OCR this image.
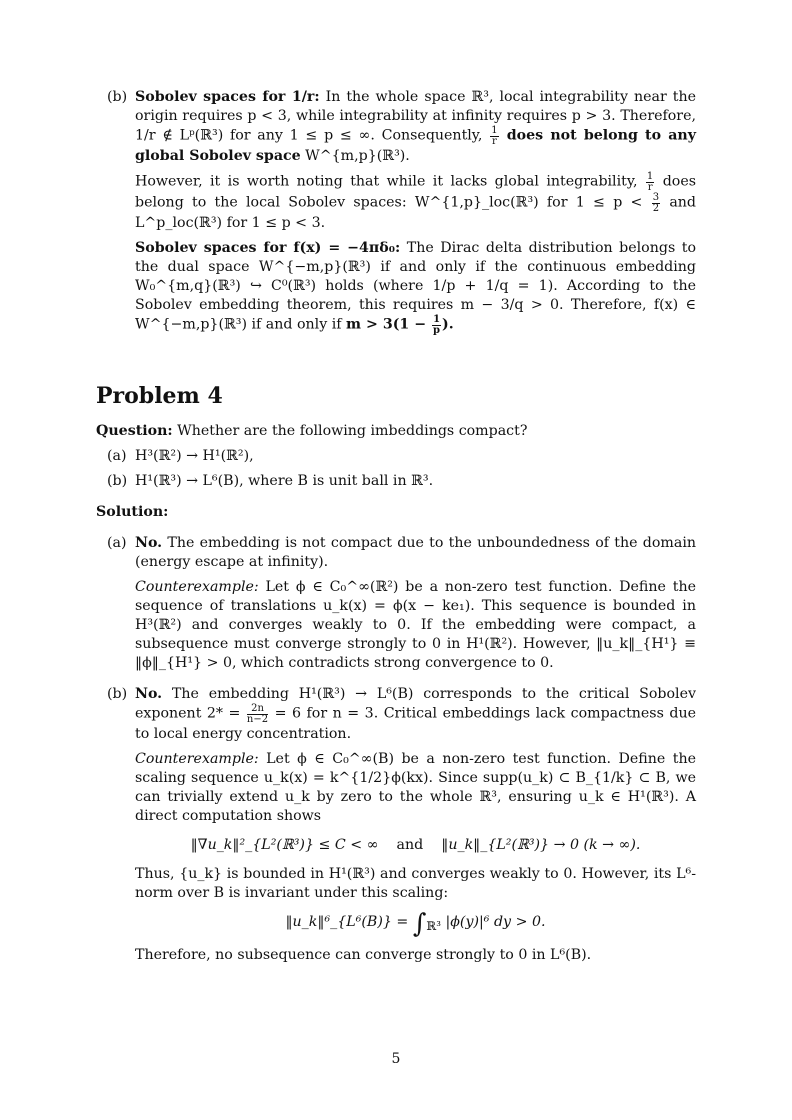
(b) Sobolev spaces for 1/r: In the whole space ℝ³, local integrability near the origin requires p < 3, while integrability at infinity requires p > 3. Therefore, 1/r ∉ Lᵖ(ℝ³) for any 1 ≤ p ≤ ∞. Consequently, $\frac{1}{r}$ does not belong to any global Sobolev space W^{m,p}(ℝ³).

However, it is worth noting that while it lacks global integrability, $\frac{1}{r}$ does belong to the local Sobolev spaces: W^{1,p}_loc(ℝ³) for $1 \le p < \frac{3}{2}$ and L^p_loc(ℝ³) for 1 ≤ p < 3.

Sobolev spaces for f(x) = −4πδ₀: The Dirac delta distribution belongs to the dual space W^{−m,p}(ℝ³) if and only if the continuous embedding W₀^{m,q}(ℝ³) ↪ C⁰(ℝ³) holds (where 1/p + 1/q = 1). According to the Sobolev embedding theorem, this requires m − 3/q > 0. Therefore, f(x) ∈ W^{−m,p}(ℝ³) if and only if $m > 3(1 - \frac{1}{p}$ ).

Problem 4

Question: Whether are the following imbeddings compact?

(a) H³(ℝ²) → H¹(ℝ²),

(b) H¹(ℝ³) → L⁶(B), where B is unit ball in ℝ³.

Solution:

(a) No. The embedding is not compact due to the unboundedness of the domain (energy escape at infinity).

Counterexample: Let ϕ ∈ C₀^∞(ℝ²) be a non-zero test function. Define the sequence of translations u_k(x) = ϕ(x − ke₁). This sequence is bounded in H³(ℝ²) and converges weakly to 0. If the embedding were compact, a subsequence must converge strongly to 0 in H¹(ℝ²). However, ‖u_k‖_{H¹} ≡ ‖ϕ‖_{H¹} > 0, which contradicts strong convergence to 0.

(b) No. The embedding H¹(ℝ³) → L⁶(B) corresponds to the critical Sobolev exponent $2* = \frac{2n}{n-2} = 6$ for n = 3. Critical embeddings lack compactness due to local energy concentration.

Counterexample: Let ϕ ∈ C₀^∞(B) be a non-zero test function. Define the scaling sequence u_k(x) = k^{1/2}ϕ(kx). Since supp(u_k) ⊂ B_{1/k} ⊂ B, we can trivially extend u_k by zero to the whole ℝ³, ensuring u_k ∈ H¹(ℝ³). A direct computation shows

‖∇u_k‖²_{L²(ℝ³)} ≤ C < ∞ and ‖u_k‖_{L²(ℝ³)} → 0 (k → ∞).

Thus, {u_k} is bounded in H¹(ℝ³) and converges weakly to 0. However, its L⁶-norm over B is invariant under this scaling:

‖u_k‖⁶_{L⁶(B)} = $\int_{ℝ^3}$ |ϕ(y)|⁶ dy > 0.

Therefore, no subsequence can converge strongly to 0 in L⁶(B).

5
